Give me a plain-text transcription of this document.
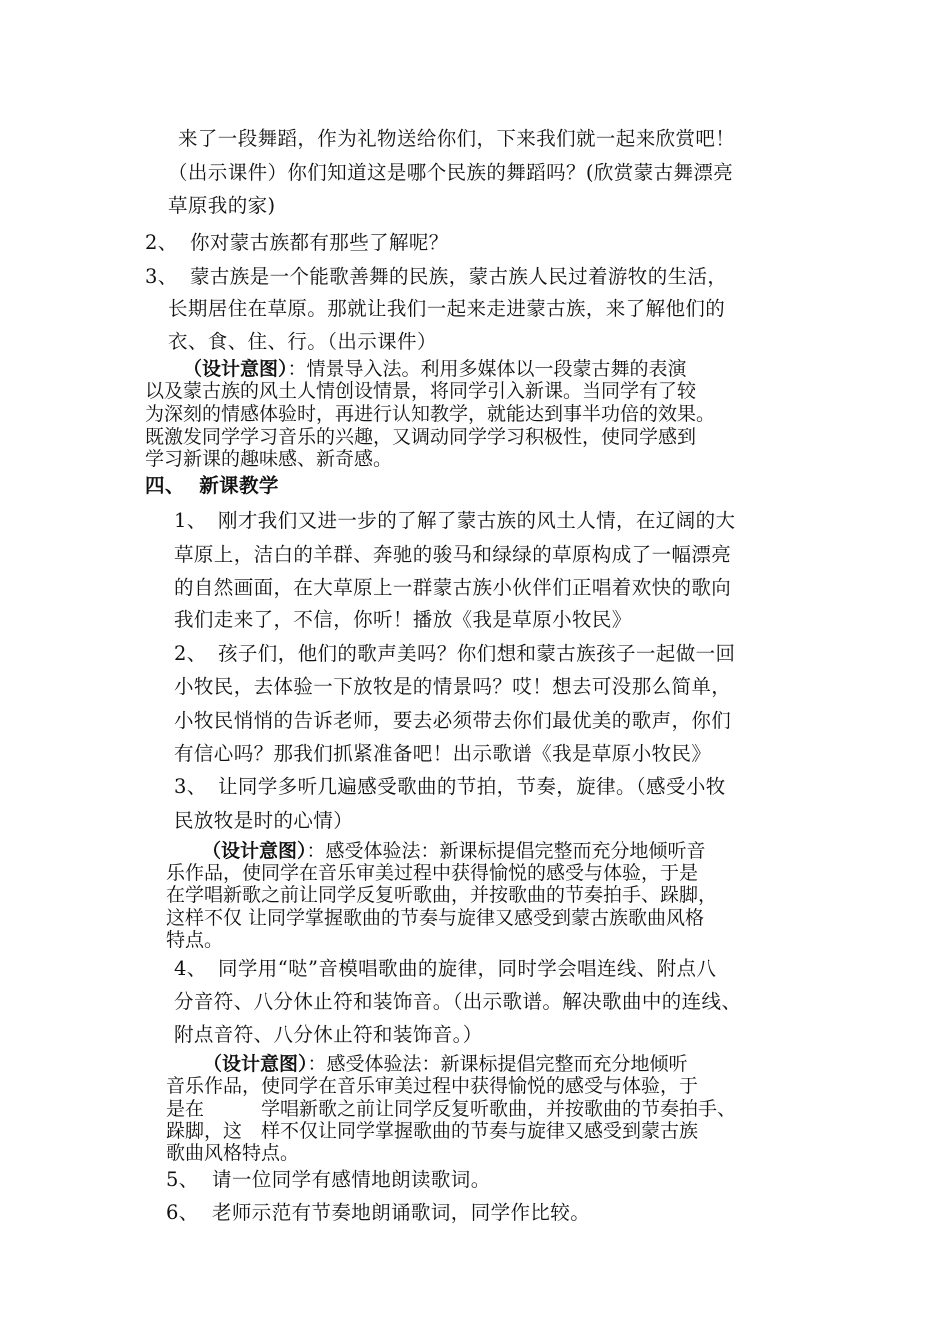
来了一段舞蹈，作为礼物送给你们，下来我们就一起来欣赏吧！

（出示课件）你们知道这是哪个民族的舞蹈吗？(欣赏蒙古舞漂亮

草原我的家)

2、 你对蒙古族都有那些了解呢？

3、 蒙古族是一个能歌善舞的民族，蒙古族人民过着游牧的生活，

长期居住在草原。那就让我们一起来走进蒙古族，来了解他们的

衣、食、住、行。（出示课件）

（设计意图）：情景导入法。利用多媒体以一段蒙古舞的表演

以及蒙古族的风土人情创设情景，将同学引入新课。当同学有了较

为深刻的情感体验时，再进行认知教学，就能达到事半功倍的效果。

既激发同学学习音乐的兴趣，又调动同学学习积极性，使同学感到

学习新课的趣味感、新奇感。

四、 新课教学

1、 刚才我们又进一步的了解了蒙古族的风土人情，在辽阔的大

草原上，洁白的羊群、奔驰的骏马和绿绿的草原构成了一幅漂亮

的自然画面，在大草原上一群蒙古族小伙伴们正唱着欢快的歌向

我们走来了，不信，你听！播放《我是草原小牧民》

2、 孩子们，他们的歌声美吗？你们想和蒙古族孩子一起做一回

小牧民，去体验一下放牧是的情景吗？哎！想去可没那么简单，

小牧民悄悄的告诉老师，要去必须带去你们最优美的歌声，你们

有信心吗？那我们抓紧准备吧！出示歌谱《我是草原小牧民》

3、 让同学多听几遍感受歌曲的节拍，节奏，旋律。（感受小牧

民放牧是时的心情）

（设计意图）：感受体验法：新课标提倡完整而充分地倾听音

乐作品，使同学在音乐审美过程中获得愉悦的感受与体验，于是

在学唱新歌之前让同学反复听歌曲，并按歌曲的节奏拍手、跺脚，

这样不仅 让同学掌握歌曲的节奏与旋律又感受到蒙古族歌曲风格

特点。

4、 同学用“哒”音模唱歌曲的旋律，同时学会唱连线、附点八

分音符、八分休止符和装饰音。（出示歌谱。解决歌曲中的连线、

附点音符、八分休止符和装饰音。）

（设计意图）：感受体验法：新课标提倡完整而充分地倾听

音乐作品，使同学在音乐审美过程中获得愉悦的感受与体验，于

是在　　　学唱新歌之前让同学反复听歌曲，并按歌曲的节奏拍手、

跺脚，这　样不仅让同学掌握歌曲的节奏与旋律又感受到蒙古族

歌曲风格特点。

5、 请一位同学有感情地朗读歌词。

6、 老师示范有节奏地朗诵歌词，同学作比较。
